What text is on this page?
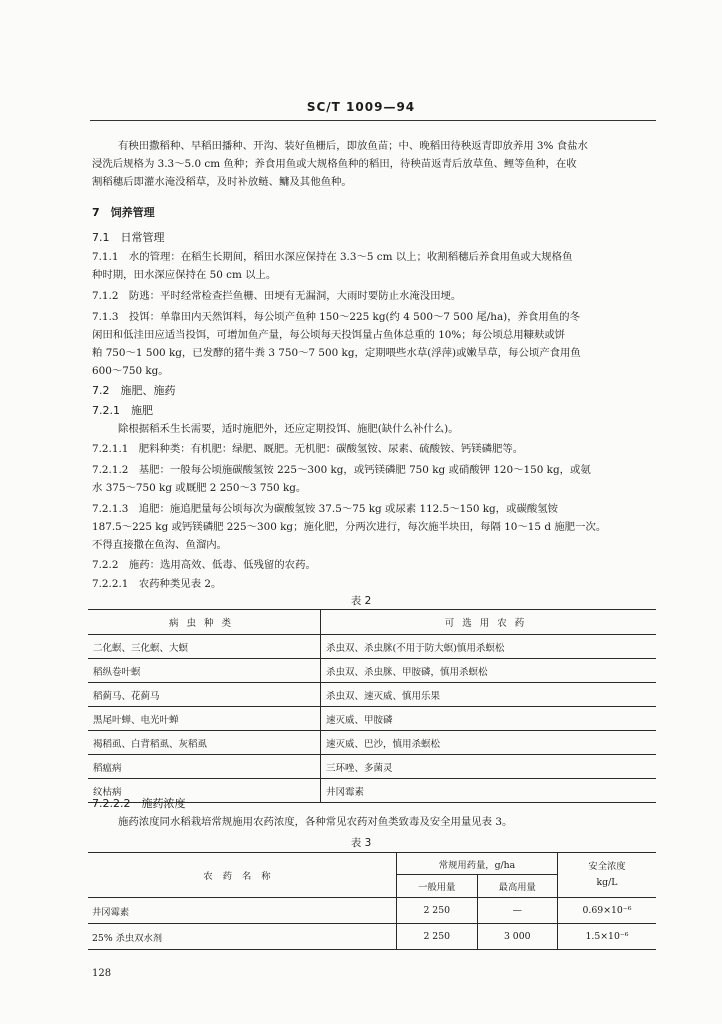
SC/T 1009—94
有秧田撒稻种、早稻田播种、开沟、装好鱼栅后，即放鱼苗；中、晚稻田待秧返青即放养用 3% 食盐水
浸洗后规格为 3.3～5.0 cm 鱼种；养食用鱼或大规格鱼种的稻田，待秧苗返青后放草鱼、鲤等鱼种，在收
割稻穗后即灌水淹没稻草，及时补放鲢、鳙及其他鱼种。
7　饲养管理
7.1　日常管理
7.1.1　水的管理：在稻生长期间，稻田水深应保持在 3.3～5 cm 以上；收割稻穗后养食用鱼或大规格鱼
种时期，田水深应保持在 50 cm 以上。
7.1.2　防逃：平时经常检查拦鱼栅、田埂有无漏洞，大雨时要防止水淹没田埂。
7.1.3　投饵：单靠田内天然饵料，每公顷产鱼种 150～225 kg(约 4 500～7 500 尾/ha)，养食用鱼的冬
闲田和低洼田应适当投饵，可增加鱼产量，每公顷每天投饵量占鱼体总重的 10%；每公顷总用糠麸或饼
粕 750～1 500 kg，已发酵的猪牛粪 3 750～7 500 kg，定期喂些水草(浮萍)或嫩旱草，每公顷产食用鱼
600～750 kg。
7.2　施肥、施药
7.2.1　施肥
除根据稻禾生长需要，适时施肥外，还应定期投饵、施肥(缺什么补什么)。
7.2.1.1　肥料种类：有机肥：绿肥、厩肥。无机肥：碳酸氢铵、尿素、硫酸铵、钙镁磷肥等。
7.2.1.2　基肥：一般每公顷施碳酸氢铵 225～300 kg，或钙镁磷肥 750 kg 或硝酸钾 120～150 kg，或氨
水 375～750 kg 或厩肥 2 250～3 750 kg。
7.2.1.3　追肥：施追肥量每公顷每次为碳酸氢铵 37.5～75 kg 或尿素 112.5～150 kg，或碳酸氢铵
187.5～225 kg 或钙镁磷肥 225～300 kg；施化肥，分两次进行，每次施半块田，每隔 10～15 d 施肥一次。
不得直接撒在鱼沟、鱼溜内。
7.2.2　施药：选用高效、低毒、低残留的农药。
7.2.2.1　农药种类见表 2。
表 2
病虫种类	可选用农药
二化螟、三化螟、大螟	杀虫双、杀虫脒(不用于防大螟)慎用杀螟松
稻纵卷叶螟	杀虫双、杀虫脒、甲胺磷，慎用杀螟松
稻蓟马、花蓟马	杀虫双、速灭威、慎用乐果
黑尾叶蝉、电光叶蝉	速灭威、甲胺磷
褐稻虱、白背稻虱、灰稻虱	速灭威、巴沙，慎用杀螟松
稻瘟病	三环唑、多菌灵
纹枯病	井冈霉素
7.2.2.2　施药浓度
施药浓度同水稻栽培常规施用农药浓度，各种常见农药对鱼类致毒及安全用量见表 3。
表 3
农药名称	常规用药量，g/ha		安全浓度
kg/L
	一般用量	最高用量	
井冈霉素	2 250	—	0.69×10⁻⁶
25% 杀虫双水剂	2 250	3 000	1.5×10⁻⁶
128
